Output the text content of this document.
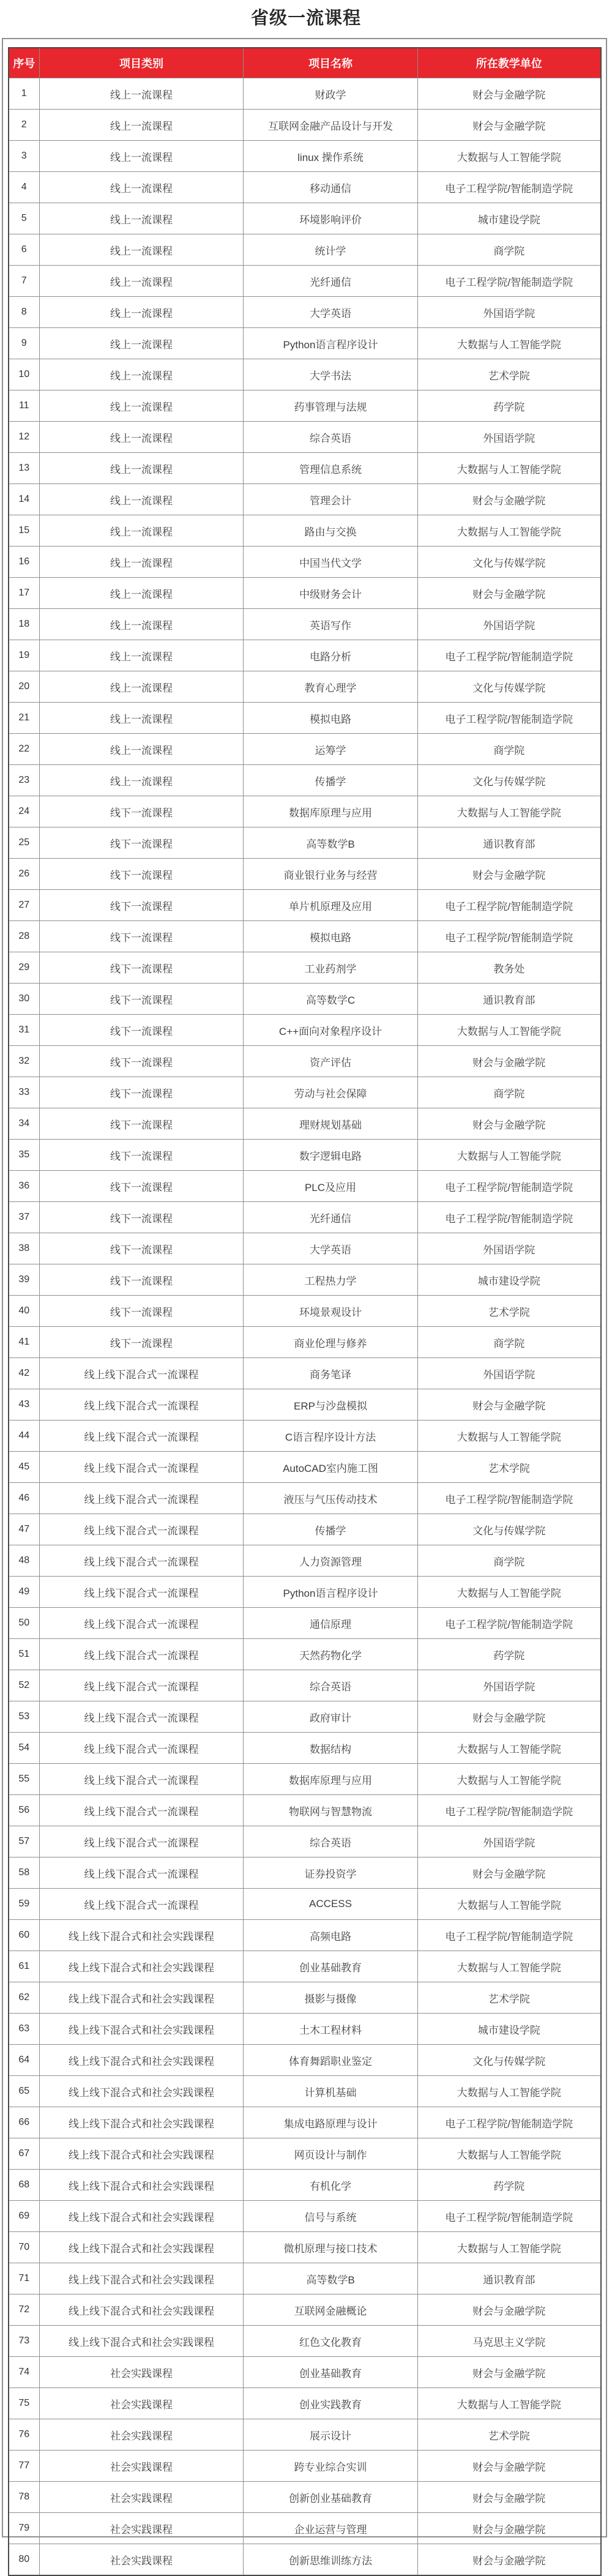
省级一流课程
序号	项目类别	项目名称	所在教学单位
1	线上一流课程	财政学	财会与金融学院
2	线上一流课程	互联网金融产品设计与开发	财会与金融学院
3	线上一流课程	linux 操作系统	大数据与人工智能学院
4	线上一流课程	移动通信	电子工程学院/智能制造学院
5	线上一流课程	环境影响评价	城市建设学院
6	线上一流课程	统计学	商学院
7	线上一流课程	光纤通信	电子工程学院/智能制造学院
8	线上一流课程	大学英语	外国语学院
9	线上一流课程	Python语言程序设计	大数据与人工智能学院
10	线上一流课程	大学书法	艺术学院
11	线上一流课程	药事管理与法规	药学院
12	线上一流课程	综合英语	外国语学院
13	线上一流课程	管理信息系统	大数据与人工智能学院
14	线上一流课程	管理会计	财会与金融学院
15	线上一流课程	路由与交换	大数据与人工智能学院
16	线上一流课程	中国当代文学	文化与传媒学院
17	线上一流课程	中级财务会计	财会与金融学院
18	线上一流课程	英语写作	外国语学院
19	线上一流课程	电路分析	电子工程学院/智能制造学院
20	线上一流课程	教育心理学	文化与传媒学院
21	线上一流课程	模拟电路	电子工程学院/智能制造学院
22	线上一流课程	运筹学	商学院
23	线上一流课程	传播学	文化与传媒学院
24	线下一流课程	数据库原理与应用	大数据与人工智能学院
25	线下一流课程	高等数学B	通识教育部
26	线下一流课程	商业银行业务与经营	财会与金融学院
27	线下一流课程	单片机原理及应用	电子工程学院/智能制造学院
28	线下一流课程	模拟电路	电子工程学院/智能制造学院
29	线下一流课程	工业药剂学	教务处
30	线下一流课程	高等数学C	通识教育部
31	线下一流课程	C++面向对象程序设计	大数据与人工智能学院
32	线下一流课程	资产评估	财会与金融学院
33	线下一流课程	劳动与社会保障	商学院
34	线下一流课程	理财规划基础	财会与金融学院
35	线下一流课程	数字逻辑电路	大数据与人工智能学院
36	线下一流课程	PLC及应用	电子工程学院/智能制造学院
37	线下一流课程	光纤通信	电子工程学院/智能制造学院
38	线下一流课程	大学英语	外国语学院
39	线下一流课程	工程热力学	城市建设学院
40	线下一流课程	环境景观设计	艺术学院
41	线下一流课程	商业伦理与修养	商学院
42	线上线下混合式一流课程	商务笔译	外国语学院
43	线上线下混合式一流课程	ERP与沙盘模拟	财会与金融学院
44	线上线下混合式一流课程	C语言程序设计方法	大数据与人工智能学院
45	线上线下混合式一流课程	AutoCAD室内施工图	艺术学院
46	线上线下混合式一流课程	液压与气压传动技术	电子工程学院/智能制造学院
47	线上线下混合式一流课程	传播学	文化与传媒学院
48	线上线下混合式一流课程	人力资源管理	商学院
49	线上线下混合式一流课程	Python语言程序设计	大数据与人工智能学院
50	线上线下混合式一流课程	通信原理	电子工程学院/智能制造学院
51	线上线下混合式一流课程	天然药物化学	药学院
52	线上线下混合式一流课程	综合英语	外国语学院
53	线上线下混合式一流课程	政府审计	财会与金融学院
54	线上线下混合式一流课程	数据结构	大数据与人工智能学院
55	线上线下混合式一流课程	数据库原理与应用	大数据与人工智能学院
56	线上线下混合式一流课程	物联网与智慧物流	电子工程学院/智能制造学院
57	线上线下混合式一流课程	综合英语	外国语学院
58	线上线下混合式一流课程	证券投资学	财会与金融学院
59	线上线下混合式一流课程	ACCESS	大数据与人工智能学院
60	线上线下混合式和社会实践课程	高频电路	电子工程学院/智能制造学院
61	线上线下混合式和社会实践课程	创业基础教育	大数据与人工智能学院
62	线上线下混合式和社会实践课程	摄影与摄像	艺术学院
63	线上线下混合式和社会实践课程	土木工程材料	城市建设学院
64	线上线下混合式和社会实践课程	体育舞蹈职业鉴定	文化与传媒学院
65	线上线下混合式和社会实践课程	计算机基础	大数据与人工智能学院
66	线上线下混合式和社会实践课程	集成电路原理与设计	电子工程学院/智能制造学院
67	线上线下混合式和社会实践课程	网页设计与制作	大数据与人工智能学院
68	线上线下混合式和社会实践课程	有机化学	药学院
69	线上线下混合式和社会实践课程	信号与系统	电子工程学院/智能制造学院
70	线上线下混合式和社会实践课程	微机原理与接口技术	大数据与人工智能学院
71	线上线下混合式和社会实践课程	高等数学B	通识教育部
72	线上线下混合式和社会实践课程	互联网金融概论	财会与金融学院
73	线上线下混合式和社会实践课程	红色文化教育	马克思主义学院
74	社会实践课程	创业基础教育	财会与金融学院
75	社会实践课程	创业实践教育	大数据与人工智能学院
76	社会实践课程	展示设计	艺术学院
77	社会实践课程	跨专业综合实训	财会与金融学院
78	社会实践课程	创新创业基础教育	财会与金融学院
79	社会实践课程	企业运营与管理	财会与金融学院
80	社会实践课程	创新思维训练方法	财会与金融学院
